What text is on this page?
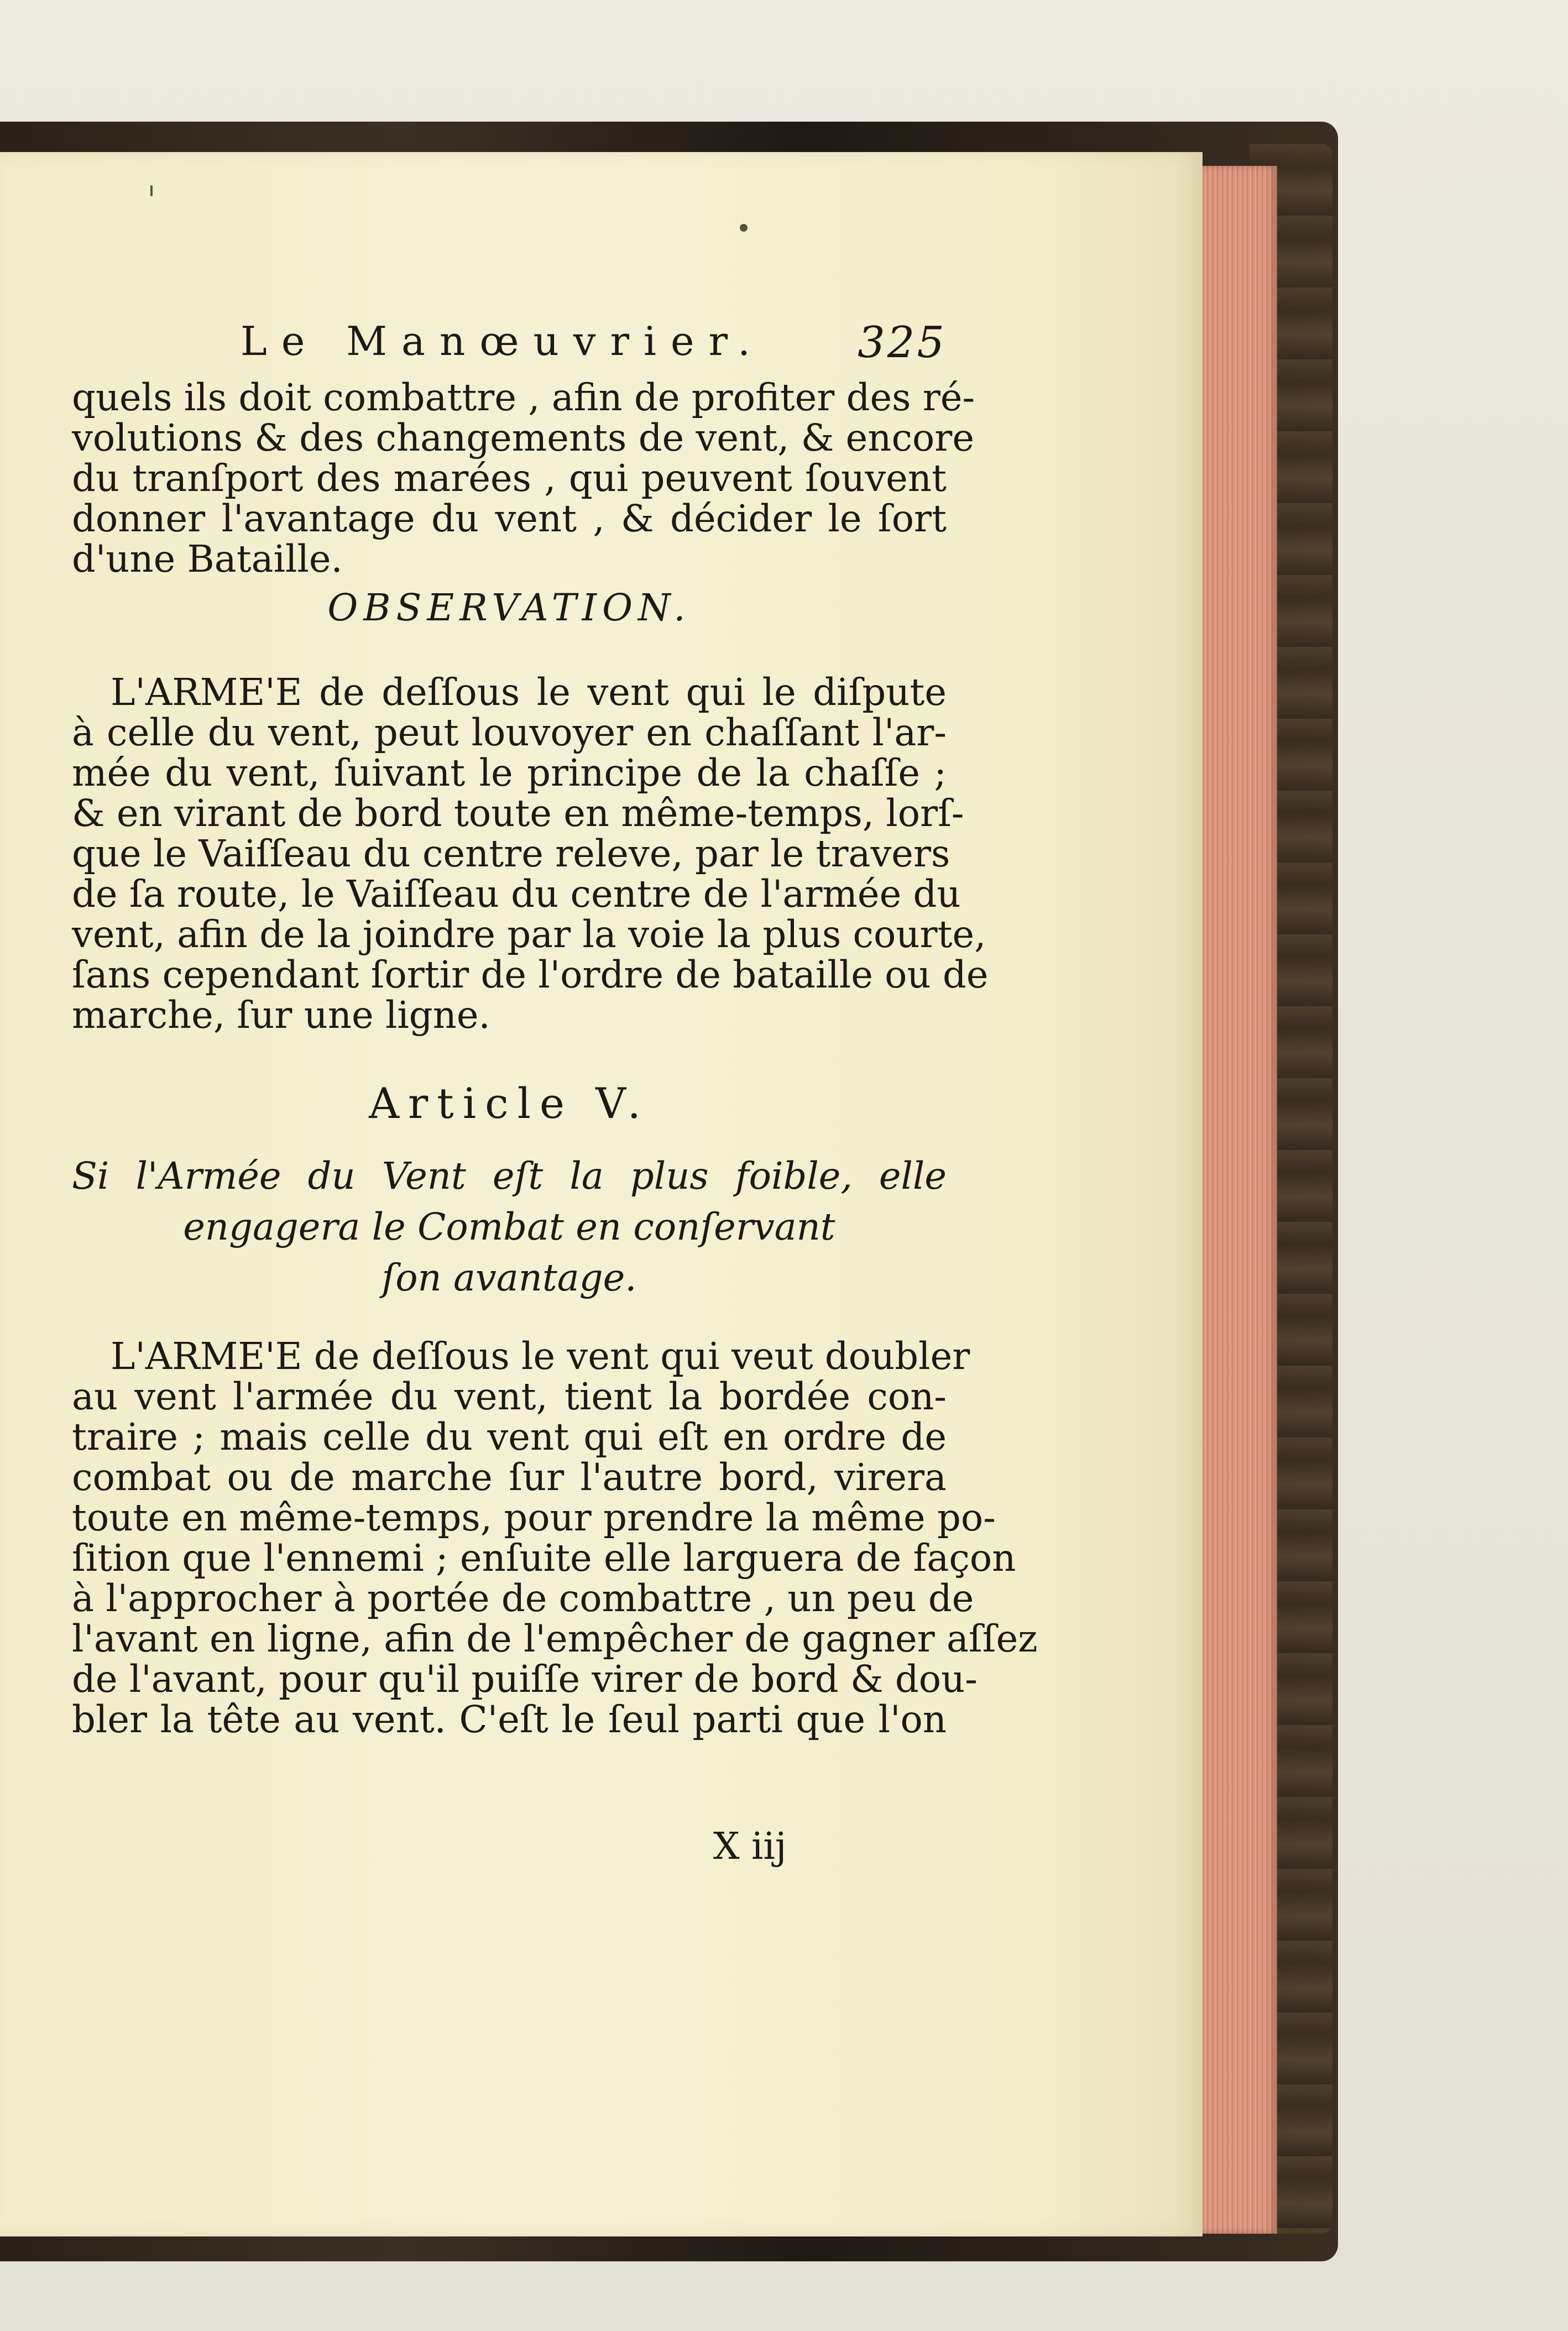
Le Manœuvrier. 325
quels ils doit combattre , afin de profiter des ré-
volutions & des changements de vent, & encore
du tranſport des marées , qui peuvent ſouvent
donner l'avantage du vent , & décider le ſort
d'une Bataille.
OBSERVATION.
L'ARME'E de deſſous le vent qui le diſpute
à celle du vent, peut louvoyer en chaſſant l'ar-
mée du vent, ſuivant le principe de la chaſſe ;
& en virant de bord toute en même-temps, lorſ-
que le Vaiſſeau du centre releve, par le travers
de ſa route, le Vaiſſeau du centre de l'armée du
vent, afin de la joindre par la voie la plus courte,
ſans cependant ſortir de l'ordre de bataille ou de
marche, ſur une ligne.
Article V.
Si l'Armée du Vent eſt la plus foible, elle
engagera le Combat en conſervant
ſon avantage.
L'ARME'E de deſſous le vent qui veut doubler
au vent l'armée du vent, tient la bordée con-
traire ; mais celle du vent qui eſt en ordre de
combat ou de marche ſur l'autre bord, virera
toute en même-temps, pour prendre la même po-
ſition que l'ennemi ; enſuite elle larguera de façon
à l'approcher à portée de combattre , un peu de
l'avant en ligne, afin de l'empêcher de gagner aſſez
de l'avant, pour qu'il puiſſe virer de bord & dou-
bler la tête au vent. C'eſt le ſeul parti que l'on
X iij
